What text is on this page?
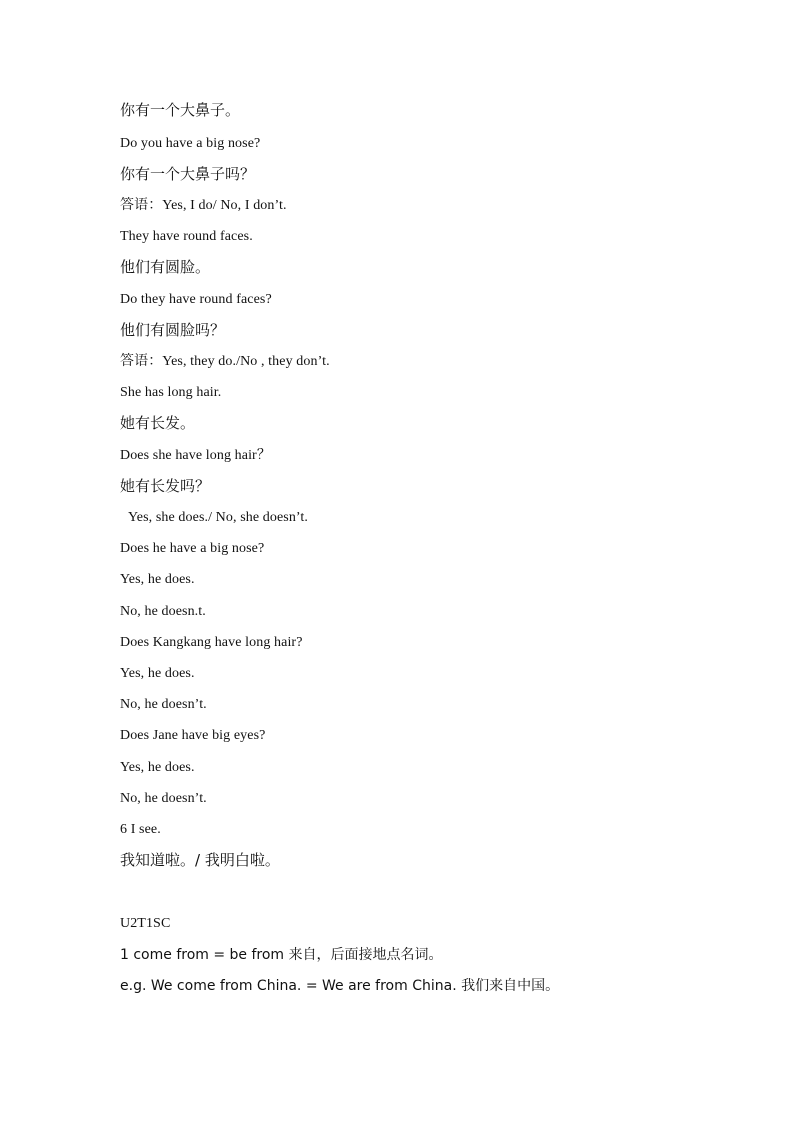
你有一个大鼻子。
Do you have a big nose?
你有一个大鼻子吗？
答语：Yes, I do/ No, I don’t.
They have round faces.
他们有圆脸。
Do they have round faces?
他们有圆脸吗？
答语：Yes, they do./No , they don’t.
She has long hair.
她有长发。
Does she have long hair？
她有长发吗？
Yes, she does./ No, she doesn’t.
Does he have a big nose?
Yes, he does.
No, he doesn.t.
Does Kangkang have long hair?
Yes, he does.
No, he doesn’t.
Does Jane have big eyes?
Yes, he does.
No, he doesn’t.
6 I see.
我知道啦。/ 我明白啦。
U2T1SC
1 come from = be from 来自，后面接地点名词。
e.g. We come from China. = We are from China. 我们来自中国。
